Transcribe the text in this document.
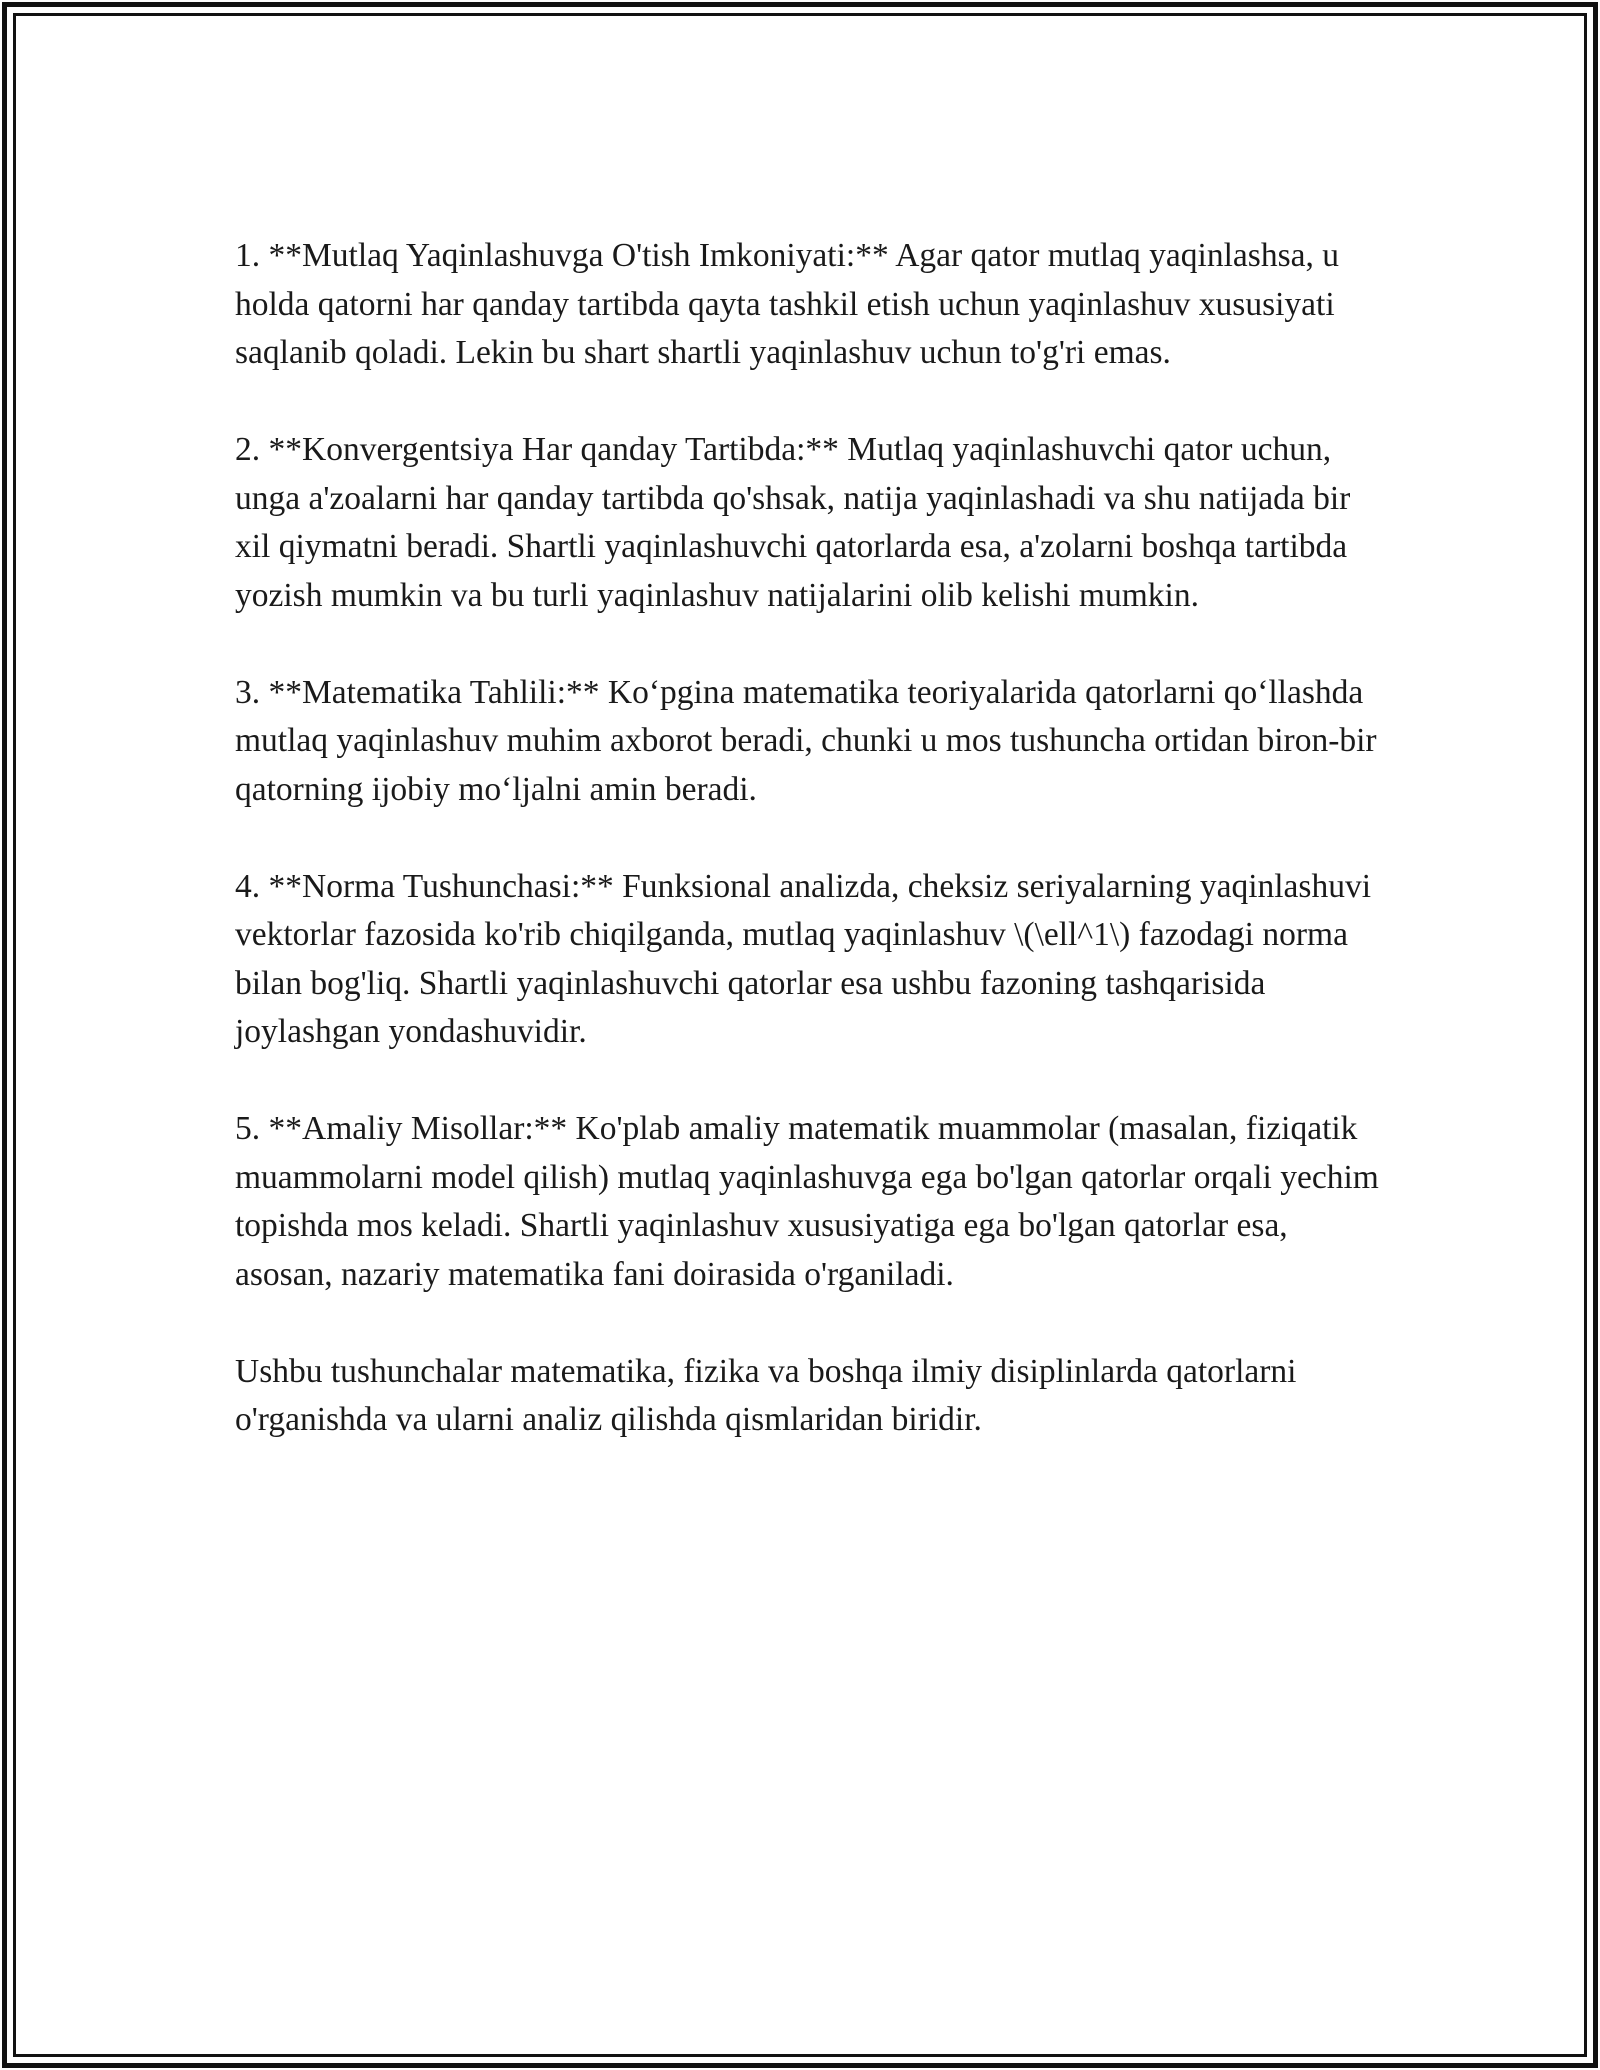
1. **Mutlaq Yaqinlashuvga O'tish Imkoniyati:** Agar qator mutlaq yaqinlashsa, u holda qatorni har qanday tartibda qayta tashkil etish uchun yaqinlashuv xususiyati saqlanib qoladi. Lekin bu shart shartli yaqinlashuv uchun to'g'ri emas.

2. **Konvergentsiya Har qanday Tartibda:** Mutlaq yaqinlashuvchi qator uchun, unga a'zoalarni har qanday tartibda qo'shsak, natija yaqinlashadi va shu natijada bir xil qiymatni beradi. Shartli yaqinlashuvchi qatorlarda esa, a'zolarni boshqa tartibda yozish mumkin va bu turli yaqinlashuv natijalarini olib kelishi mumkin.

3. **Matematika Tahlili:** Ko‘pgina matematika teoriyalarida qatorlarni qo‘llashda mutlaq yaqinlashuv muhim axborot beradi, chunki u mos tushuncha ortidan biron-bir qatorning ijobiy mo‘ljalni amin beradi.

4. **Norma Tushunchasi:** Funksional analizda, cheksiz seriyalarning yaqinlashuvi vektorlar fazosida ko'rib chiqilganda, mutlaq yaqinlashuv \(\ell^1\) fazodagi norma bilan bog'liq. Shartli yaqinlashuvchi qatorlar esa ushbu fazoning tashqarisida joylashgan yondashuvidir.

5. **Amaliy Misollar:** Ko'plab amaliy matematik muammolar (masalan, fiziqatik muammolarni model qilish) mutlaq yaqinlashuvga ega bo'lgan qatorlar orqali yechim topishda mos keladi. Shartli yaqinlashuv xususiyatiga ega bo'lgan qatorlar esa, asosan, nazariy matematika fani doirasida o'rganiladi.

Ushbu tushunchalar matematika, fizika va boshqa ilmiy disiplinlarda qatorlarni o'rganishda va ularni analiz qilishda qismlaridan biridir.
